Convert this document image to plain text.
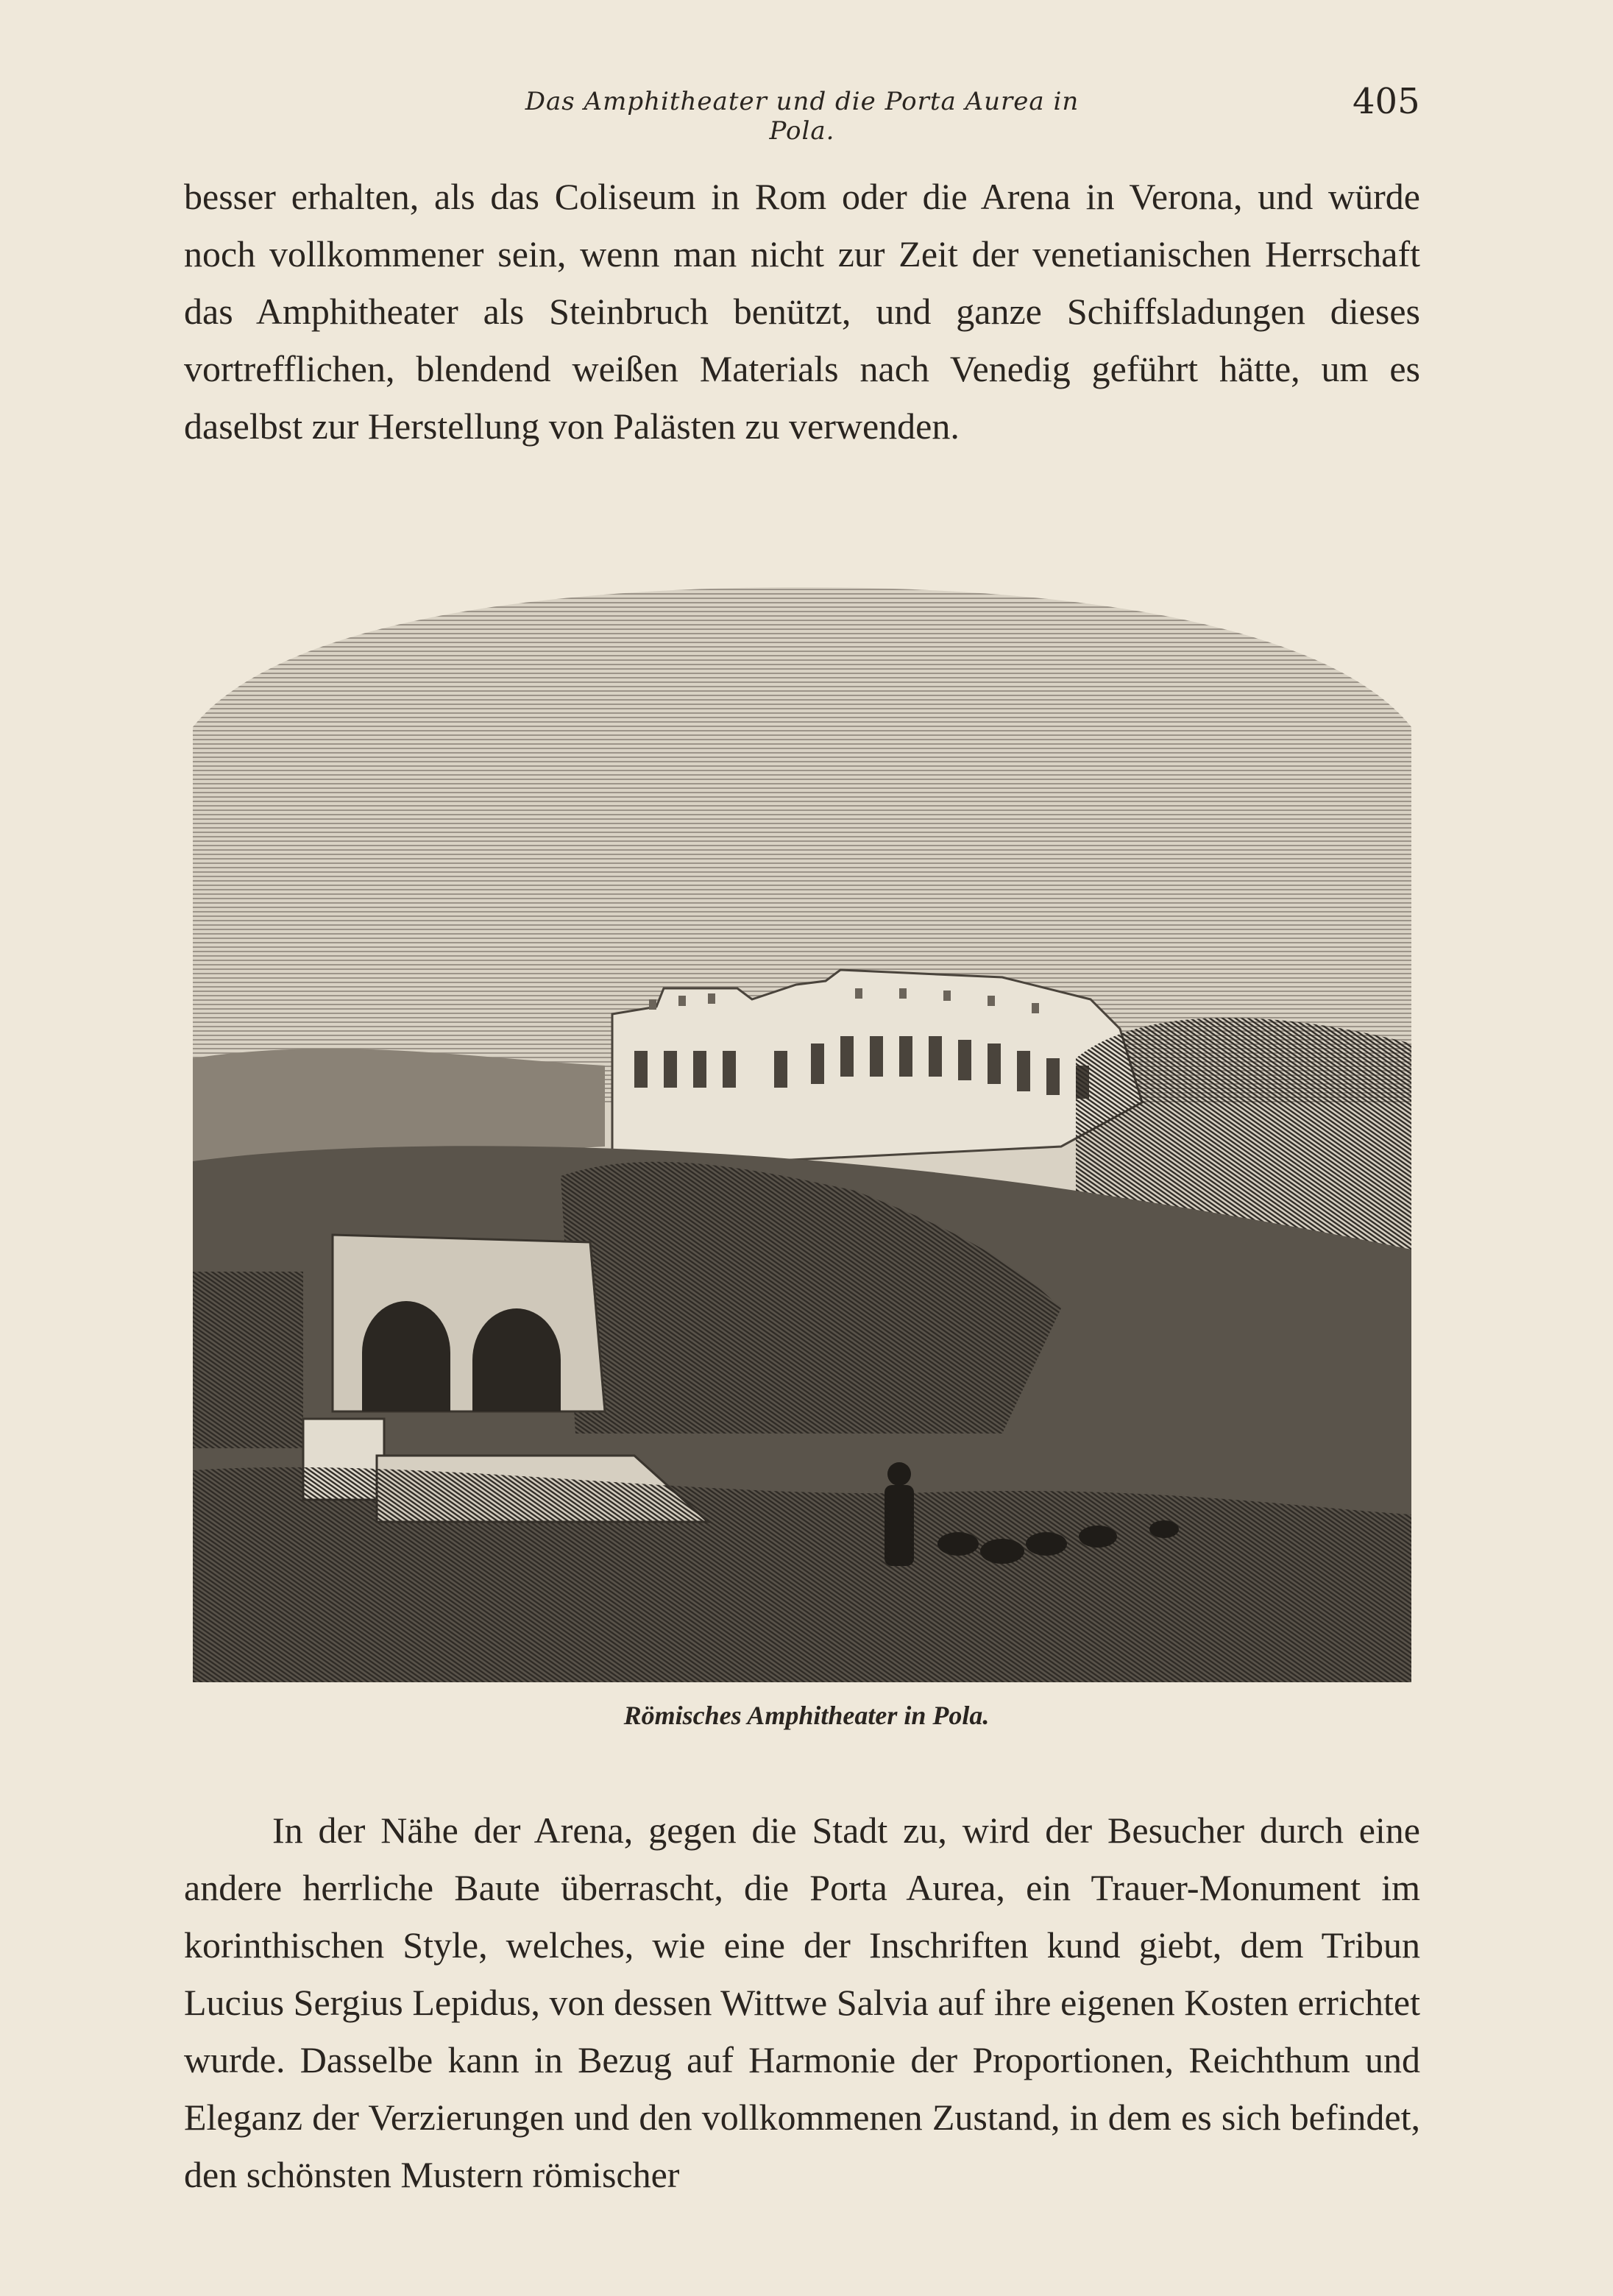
Das Amphitheater und die Porta Aurea in Pola.
405

besser erhalten, als das Coliseum in Rom oder die Arena in Verona, und würde noch vollkommener sein, wenn man nicht zur Zeit der venetianischen Herrschaft das Amphitheater als Steinbruch benützt, und ganze Schiffsladungen dieses vortrefflichen, blendend weißen Materials nach Venedig geführt hätte, um es daselbst zur Herstellung von Palästen zu verwenden.

Römisches Amphitheater in Pola.

In der Nähe der Arena, gegen die Stadt zu, wird der Besucher durch eine andere herrliche Baute überrascht, die Porta Aurea, ein Trauer-Monument im korinthischen Style, welches, wie eine der Inschriften kund giebt, dem Tribun Lucius Sergius Lepidus, von dessen Wittwe Salvia auf ihre eigenen Kosten errichtet wurde. Dasselbe kann in Bezug auf Harmonie der Proportionen, Reichthum und Eleganz der Verzierungen und den vollkommenen Zustand, in dem es sich befindet, den schönsten Mustern römischer
